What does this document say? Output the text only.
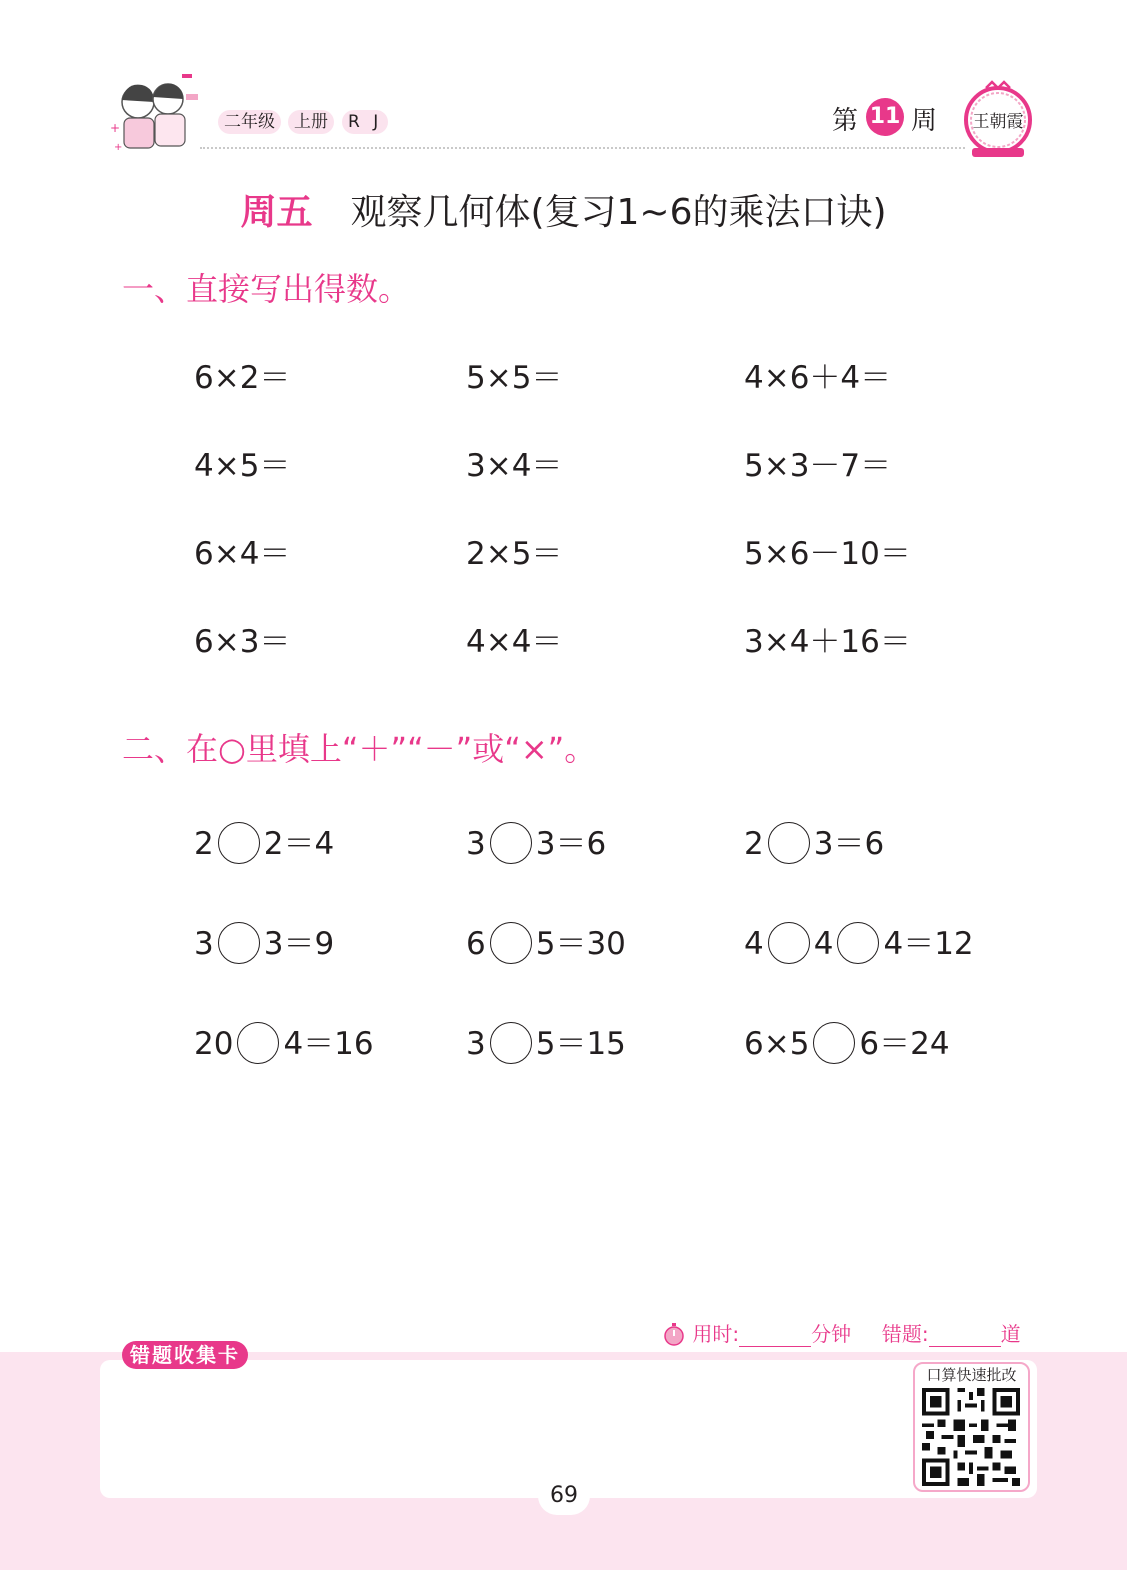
+
+
二年级	上册	R J	第 11 周 王朝霞
周五 观察几何体(复习1~6的乘法口诀)
一、直接写出得数。
6×2＝	5×5＝	4×6＋4＝
4×5＝	3×4＝	5×3－7＝
6×4＝	2×5＝	5×6－10＝
6×3＝	4×4＝	3×4＋16＝
二、在○里填上“＋”“－”或“×”。
2 2＝4	3 3＝6	2 3＝6
3 3＝9	6 5＝30	4 4 4＝12
20 4＝16	3 5＝15	6×5 6＝24
用时:	分钟 错题:	道
错题收集卡
口算快速批改
69
